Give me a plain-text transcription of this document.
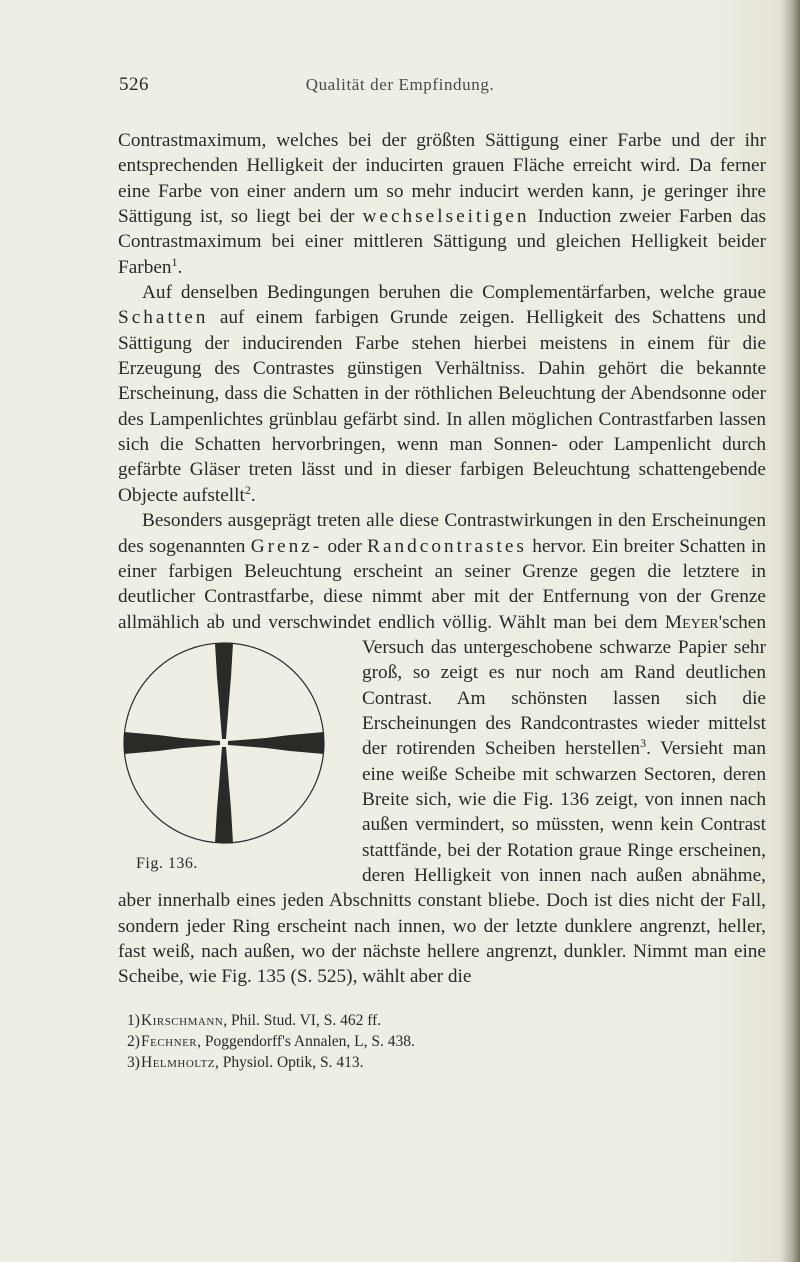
526	Qualität der Empfindung.

Contrastmaximum, welches bei der größten Sättigung einer Farbe und der ihr entsprechenden Helligkeit der inducirten grauen Fläche erreicht wird. Da ferner eine Farbe von einer andern um so mehr inducirt werden kann, je geringer ihre Sättigung ist, so liegt bei der wechselseitigen Induction zweier Farben das Contrastmaximum bei einer mittleren Sättigung und gleichen Helligkeit beider Farben$^1$.

Auf denselben Bedingungen beruhen die Complementärfarben, welche graue Schatten auf einem farbigen Grunde zeigen. Helligkeit des Schattens und Sättigung der inducirenden Farbe stehen hierbei meistens in einem für die Erzeugung des Contrastes günstigen Verhältniss. Dahin gehört die bekannte Erscheinung, dass die Schatten in der röthlichen Beleuchtung der Abendsonne oder des Lampenlichtes grünblau gefärbt sind. In allen möglichen Contrastfarben lassen sich die Schatten hervorbringen, wenn man Sonnen- oder Lampenlicht durch gefärbte Gläser treten lässt und in dieser farbigen Beleuchtung schattengebende Objecte aufstellt$^2$.

Besonders ausgeprägt treten alle diese Contrastwirkungen in den Erscheinungen des sogenannten Grenz- oder Randcontrastes hervor. Ein breiter Schatten in einer farbigen Beleuchtung erscheint an seiner Grenze gegen die letztere in deutlicher Contrastfarbe, diese nimmt aber mit der Entfernung von der Grenze allmählich ab und verschwindet endlich völlig. Wählt man bei dem
Fig. 136.
Meyer'schen Versuch das untergeschobene schwarze Papier sehr groß, so zeigt es nur noch am Rand deutlichen Contrast. Am schönsten lassen sich die Erscheinungen des Randcontrastes wieder mittelst der rotirenden Scheiben herstellen$^3$. Versieht man eine weiße Scheibe mit schwarzen Sectoren, deren Breite sich, wie die Fig. 136 zeigt, von innen nach außen vermindert, so müssten, wenn kein Contrast stattfände, bei der Rotation graue Ringe erscheinen, deren Helligkeit von innen nach außen abnähme, aber innerhalb eines jeden Abschnitts constant bliebe. Doch ist dies nicht der Fall, sondern jeder Ring erscheint nach innen, wo der letzte dunklere angrenzt, heller, fast weiß, nach außen, wo der nächste hellere angrenzt, dunkler. Nimmt man eine Scheibe, wie Fig. 135 (S. 525), wählt aber die

1)Kirschmann, Phil. Stud. VI, S. 462 ff.
2)Fechner, Poggendorff's Annalen, L, S. 438.
3)Helmholtz, Physiol. Optik, S. 413.
